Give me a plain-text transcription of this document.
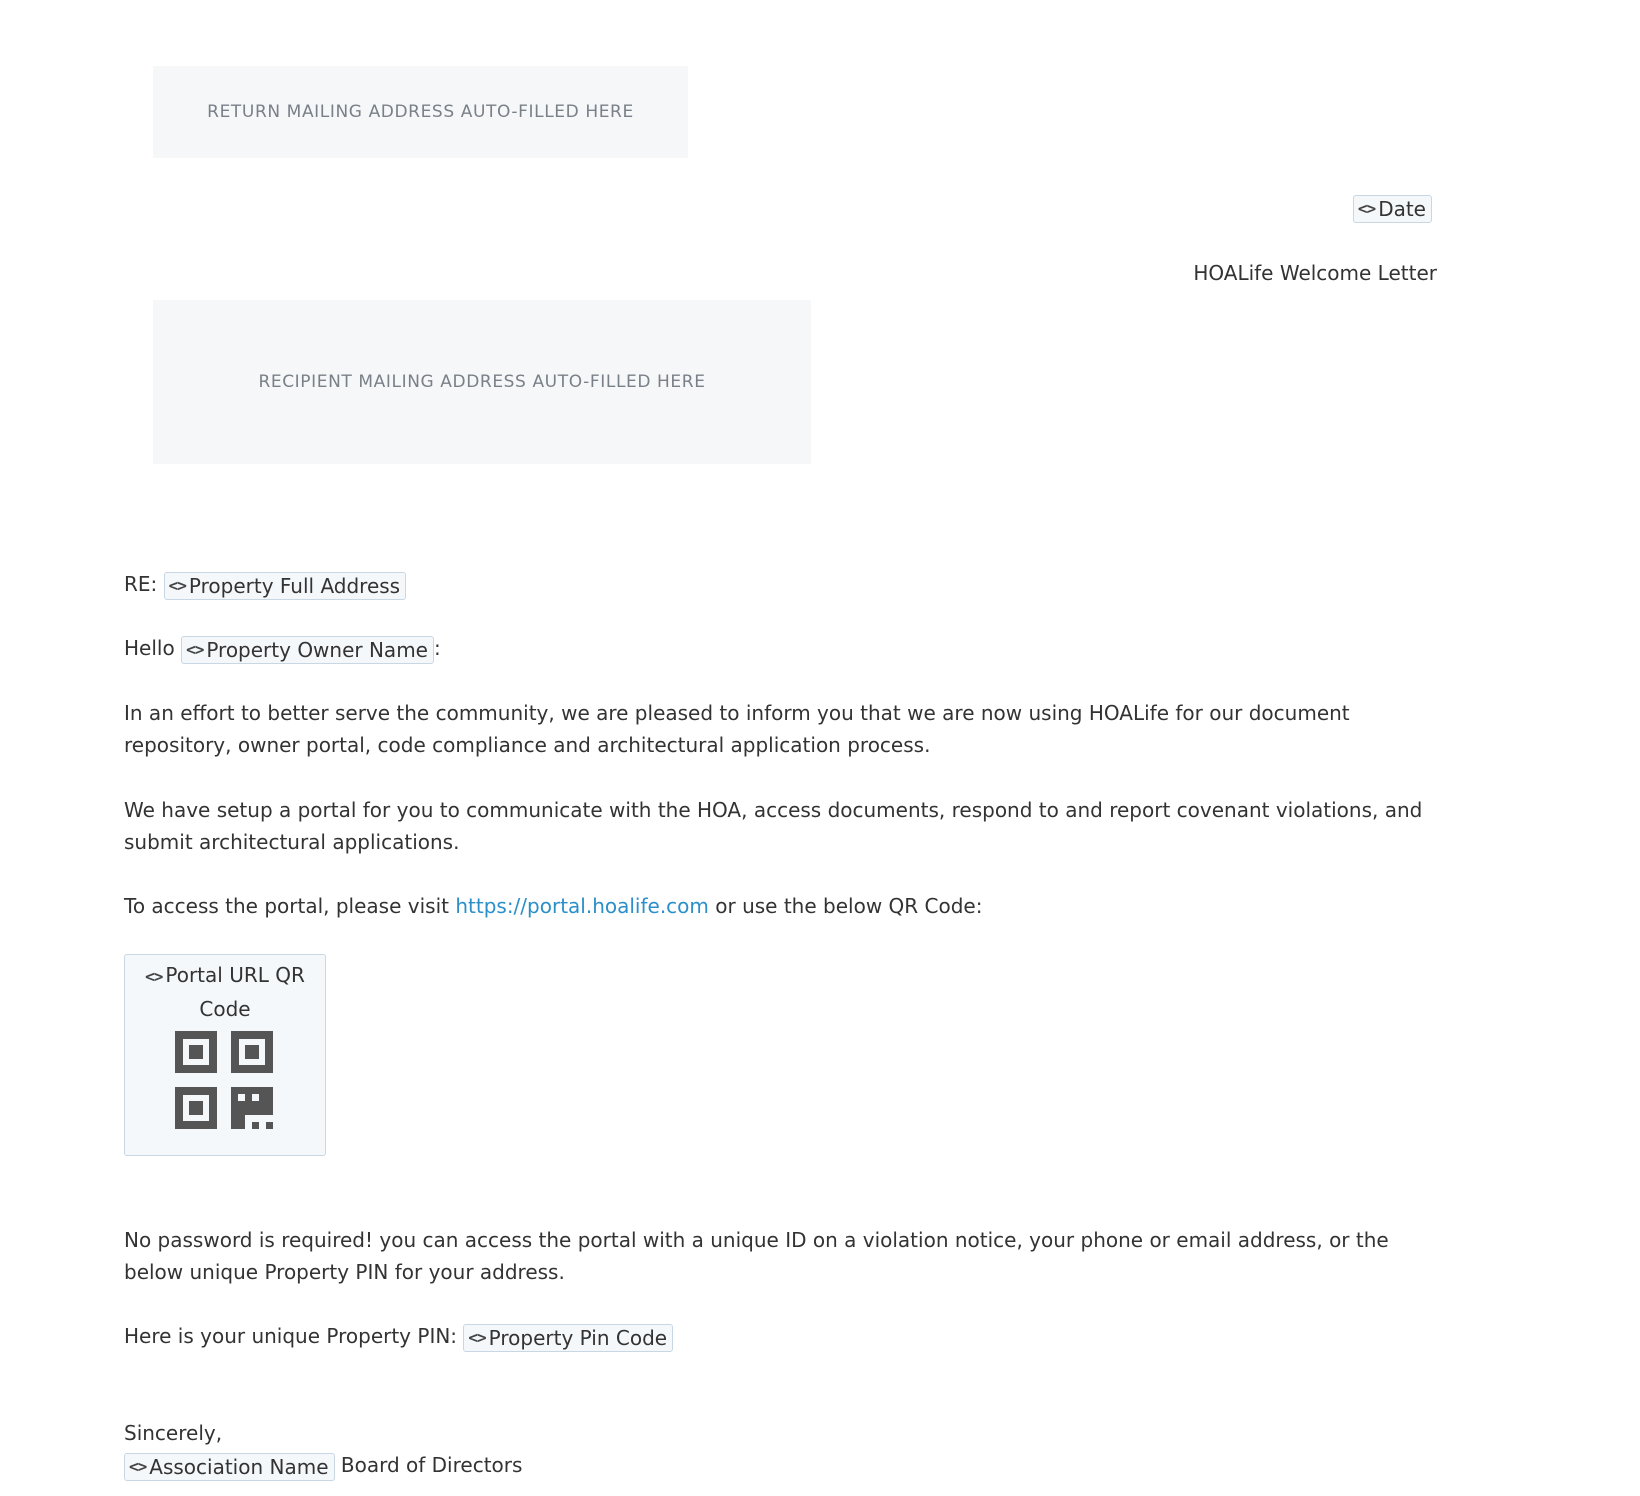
RETURN MAILING ADDRESS AUTO-FILLED HERE
<> Date
HOALife Welcome Letter
RECIPIENT MAILING ADDRESS AUTO-FILLED HERE
RE: <> Property Full Address
Hello <> Property Owner Name :
In an effort to better serve the community, we are pleased to inform you that we are now using HOALife for our document repository, owner portal, code compliance and architectural application process.
We have setup a portal for you to communicate with the HOA, access documents, respond to and report covenant violations, and submit architectural applications.
To access the portal, please visit https://portal.hoalife.com or use the below QR Code:
<> Portal URL QR Code
No password is required! you can access the portal with a unique ID on a violation notice, your phone or email address, or the below unique Property PIN for your address.
Here is your unique Property PIN: <> Property Pin Code
Sincerely,
<> Association Name Board of Directors
